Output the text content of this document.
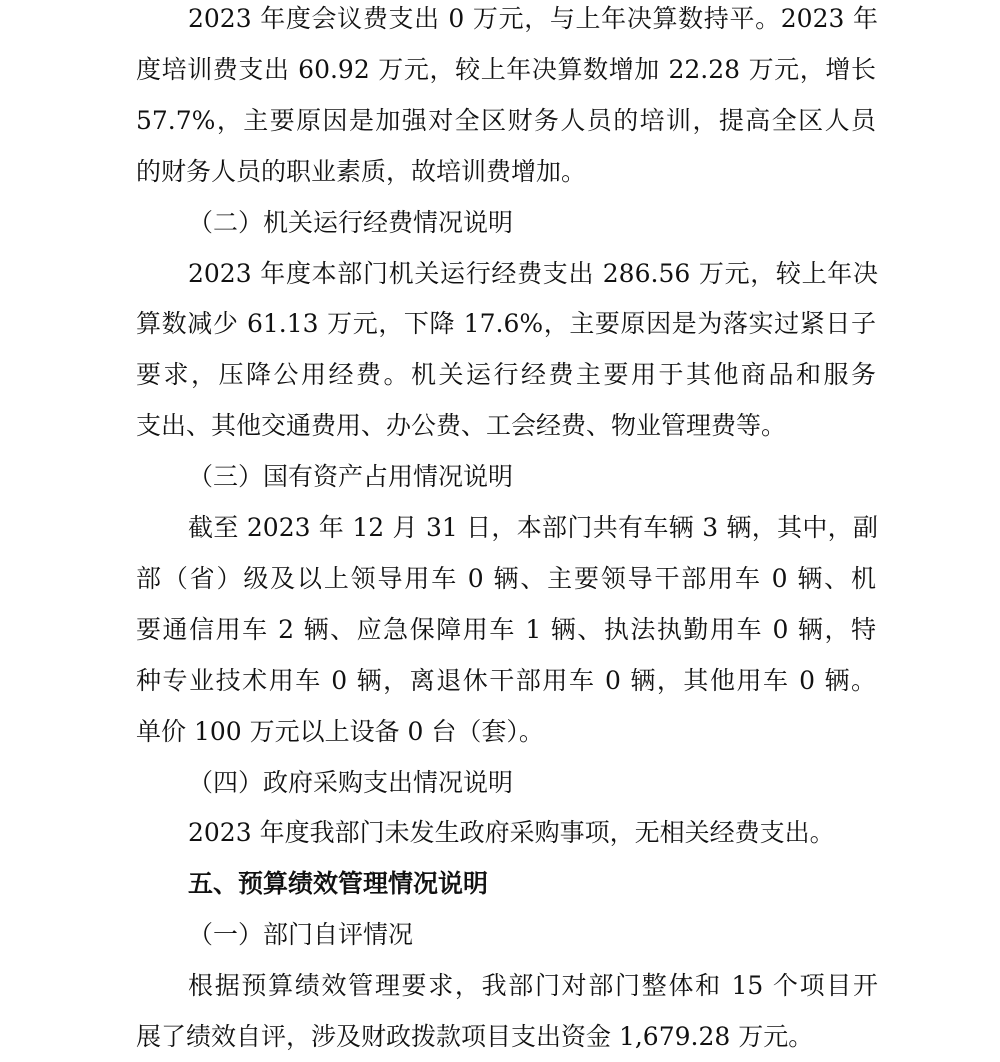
2023 年度会议费支出 0 万元，与上年决算数持平。2023 年
度培训费支出 60.92 万元，较上年决算数增加 22.28 万元，增长
57.7%，主要原因是加强对全区财务人员的培训，提高全区人员
的财务人员的职业素质，故培训费增加。
（二）机关运行经费情况说明
2023 年度本部门机关运行经费支出 286.56 万元，较上年决
算数减少 61.13 万元，下降 17.6%，主要原因是为落实过紧日子
要求，压降公用经费。机关运行经费主要用于其他商品和服务
支出、其他交通费用、办公费、工会经费、物业管理费等。
（三）国有资产占用情况说明
截至 2023 年 12 月 31 日，本部门共有车辆 3 辆，其中，副
部（省）级及以上领导用车 0 辆、主要领导干部用车 0 辆、机
要通信用车 2 辆、应急保障用车 1 辆、执法执勤用车 0 辆，特
种专业技术用车 0 辆，离退休干部用车 0 辆，其他用车 0 辆。
单价 100 万元以上设备 0 台（套）。
（四）政府采购支出情况说明
2023 年度我部门未发生政府采购事项，无相关经费支出。
五、预算绩效管理情况说明
（一）部门自评情况
根据预算绩效管理要求，我部门对部门整体和 15 个项目开
展了绩效自评，涉及财政拨款项目支出资金 1,679.28 万元。
